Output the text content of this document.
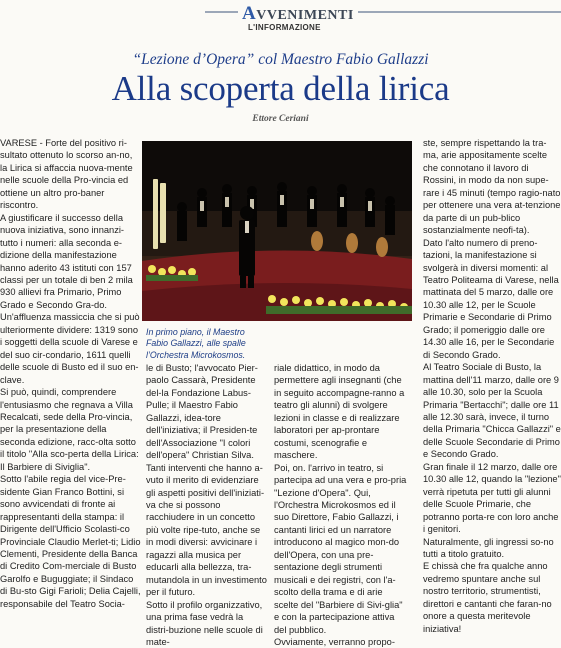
AVVENIMENTI
L'INFORMAZIONE
“Lezione d’Opera” col Maestro Fabio Gallazzi
Alla scoperta della lirica
Ettore Ceriani

VARESE - Forte del positivo ri-sultato ottenuto lo scorso an-no, la Lirica si affaccia nuova-mente nelle scuole della Pro-vincia ed ottiene un altro pro-baner riscontro.

A giustificare il successo della nuova iniziativa, sono innanzi-tutto i numeri: alla seconda e-dizione della manifestazione hanno aderito 43 istituti con 157 classi per un totale di ben 2 mila 930 allievi fra Primario, Primo Grado e Secondo Gra-do.

Un'affluenza massiccia che si può ulteriormente dividere: 1319 sono i soggetti della scuole di Varese e del suo cir-condario, 1611 quelli delle scuole di Busto ed il suo en-clave.

Si può, quindi, comprendere l'entusiasmo che regnava a Villa Recalcati, sede della Pro-vincia, per la presentazione della seconda edizione, racc-olta sotto il titolo "Alla sco-perta della Lirica: Il Barbiere di Siviglia".

Sotto l'abile regia del vice-Pre-sidente Gian Franco Bottini, si sono avvicendati di fronte ai rappresentanti della stampa: il Dirigente dell'Ufficio Scolasti-co Provinciale Claudio Merlet-ti; Lidio Clementi, Presidente della Banca di Credito Com-merciale di Busto Garolfo e Buguggiate; il Sindaco di Bu-sto Gigi Farioli; Delia Cajelli, responsabile del Teatro Socia-

In primo piano, il Maestro Fabio Gallazzi, alle spalle l’Orchestra Microkosmos.

le di Busto; l'avvocato Pier-paolo Cassarà, Presidente del-la Fondazione Labus-Pulle; il Maestro Fabio Gallazzi, idea-tore dell'iniziativa; il Presiden-te dell'Associazione "I colori dell'opera" Christian Silva.

Tanti interventi che hanno a-vuto il merito di evidenziare gli aspetti positivi dell'iniziati-va che si possono racchiudere in un concetto più volte ripe-tuto, anche se in modi diversi: avvicinare i ragazzi alla musica per educarli alla bellezza, tra-mutandola in un investimento per il futuro.

Sotto il profilo organizzativo, una prima fase vedrà la distri-buzione nelle scuole di mate-

riale didattico, in modo da permettere agli insegnanti (che in seguito accompagne-ranno a teatro gli alunni) di svolgere lezioni in classe e di realizzare laboratori per ap-prontare costumi, scenografie e maschere.

Poi, on. l'arrivo in teatro, si partecipa ad una vera e pro-pria "Lezione d'Opera". Qui, l'Orchestra Microkosmos ed il suo Direttore, Fabio Gallazzi, i cantanti lirici ed un narratore introducono al magico mon-do dell'Opera, con una pre-sentazione degli strumenti musicali e dei registri, con l'a-scolto della trama e di arie scelte del "Barbiere di Sivi-glia" e con la partecipazione attiva del pubblico.

Ovviamente, verranno propo-

ste, sempre rispettando la tra-ma, arie appositamente scelte che connotano il lavoro di Rossini, in modo da non supe-rare i 45 minuti (tempo ragio-nato per ottenere una vera at-tenzione da parte di un pub-blico sostanzialmente neofi-ta).

Dato l'alto numero di preno-tazioni, la manifestazione si svolgerà in diversi momenti: al Teatro Politeama di Varese, nella mattinata del 5 marzo, dalle ore 10.30 alle 12, per le Scuole Primarie e Secondarie di Primo Grado; il pomeriggio dalle ore 14.30 alle 16, per le Secondarie di Secondo Grado.

Al Teatro Sociale di Busto, la mattina dell'11 marzo, dalle ore 9 alle 10.30, solo per la Scuola Primaria "Bertacchi"; dalle ore 11 alle 12.30 sarà, invece, il turno della Primaria "Chicca Gallazzi" e delle Scuole Secondarie di Primo e Secondo Grado.

Gran finale il 12 marzo, dalle ore 10.30 alle 12, quando la "lezione" verrà ripetuta per tutti gli alunni delle Scuole Primarie, che potranno porta-re con loro anche i genitori.

Naturalmente, gli ingressi so-no tutti a titolo gratuito.

E chissà che fra qualche anno vedremo spuntare anche sul nostro territorio, strumentisti, direttori e cantanti che faran-no onore a questa meritevole iniziativa!
